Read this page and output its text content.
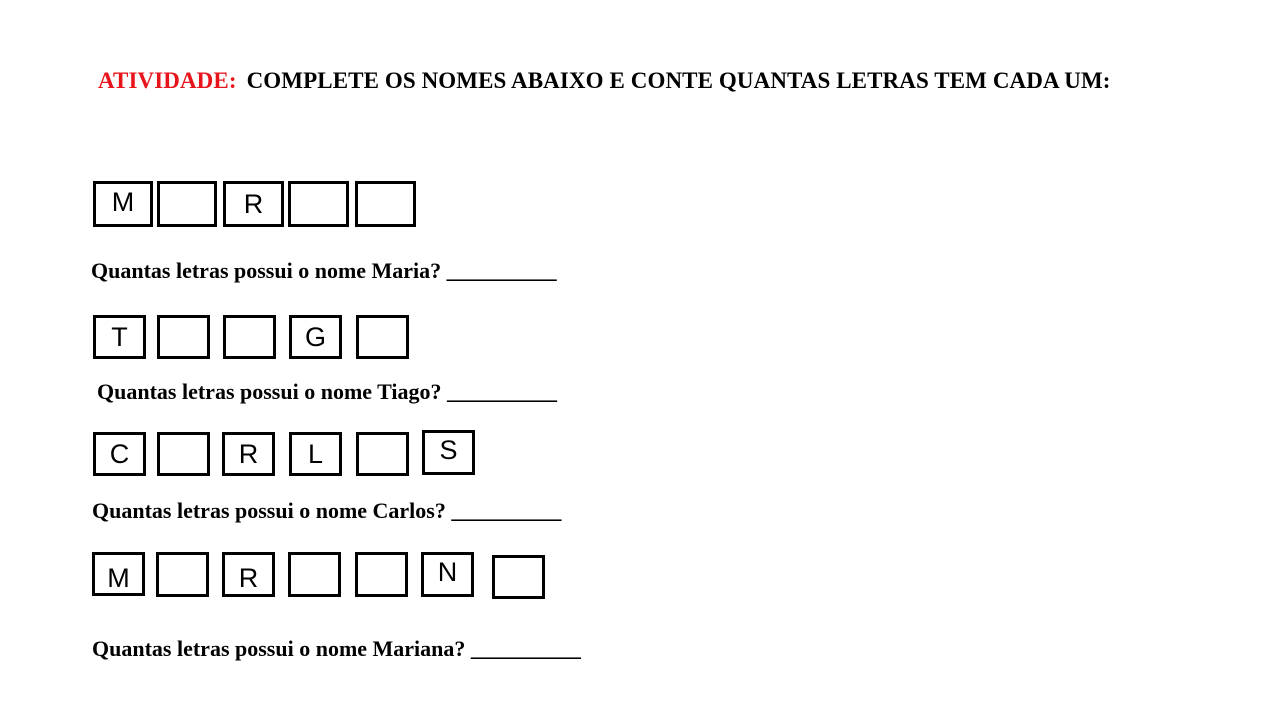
ATIVIDADE: COMPLETE OS NOMES ABAIXO E CONTE QUANTAS LETRAS TEM CADA UM:
M	R
Quantas letras possui o nome Maria? __________
T	G
Quantas letras possui o nome Tiago? __________
C	R	L	S
Quantas letras possui o nome Carlos? __________
M	R	N
Quantas letras possui o nome Mariana? __________
